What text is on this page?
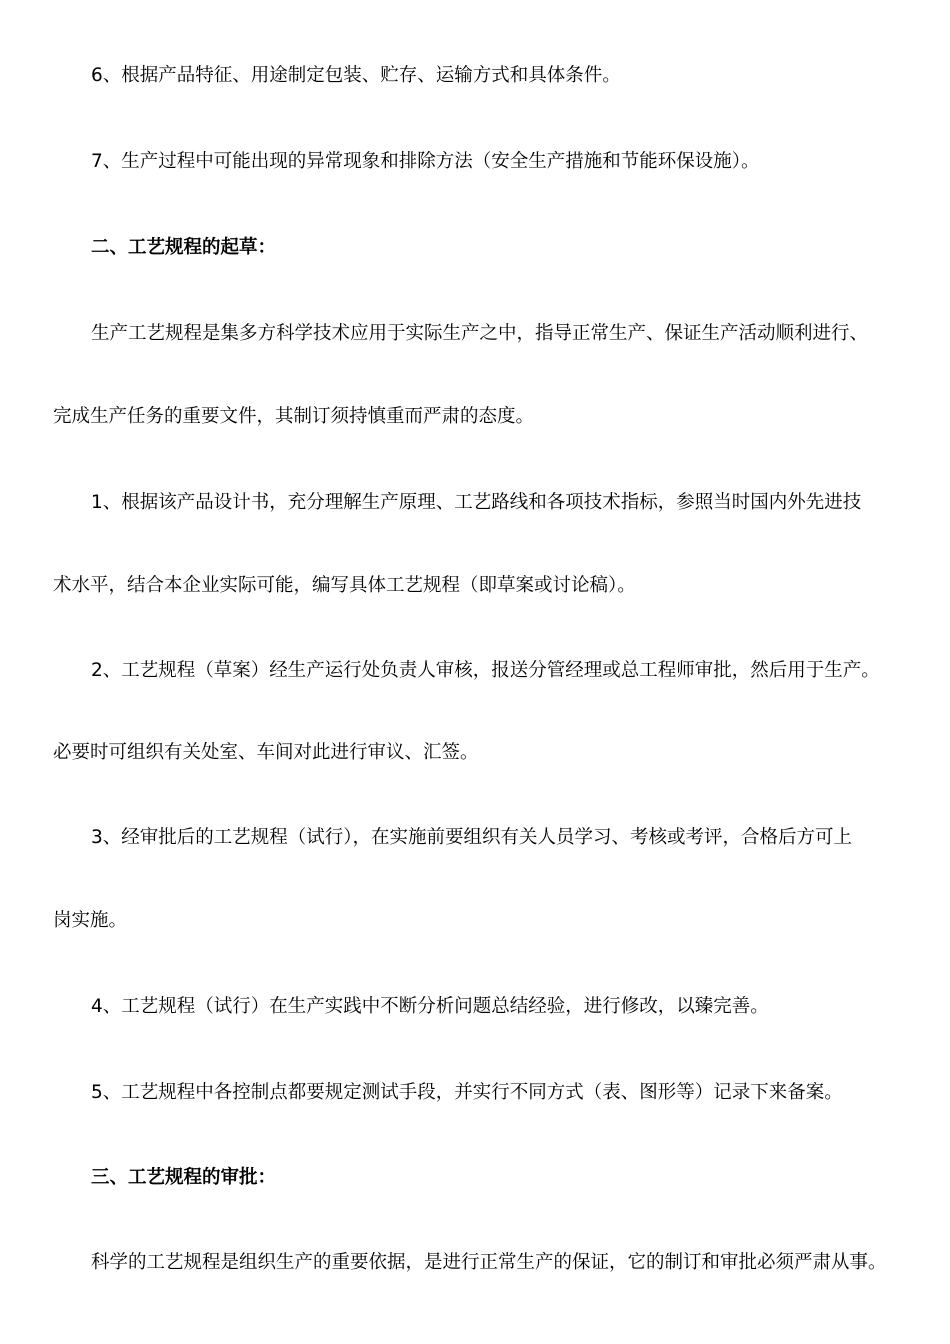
6、根据产品特征、用途制定包装、贮存、运输方式和具体条件。
7、生产过程中可能出现的异常现象和排除方法（安全生产措施和节能环保设施）。
二、工艺规程的起草：
生产工艺规程是集多方科学技术应用于实际生产之中，指导正常生产、保证生产活动顺利进行、
完成生产任务的重要文件，其制订须持慎重而严肃的态度。
1、根据该产品设计书，充分理解生产原理、工艺路线和各项技术指标，参照当时国内外先进技
术水平，结合本企业实际可能，编写具体工艺规程（即草案或讨论稿）。
2、工艺规程（草案）经生产运行处负责人审核，报送分管经理或总工程师审批，然后用于生产。
必要时可组织有关处室、车间对此进行审议、汇签。
3、经审批后的工艺规程（试行），在实施前要组织有关人员学习、考核或考评，合格后方可上
岗实施。
4、工艺规程（试行）在生产实践中不断分析问题总结经验，进行修改，以臻完善。
5、工艺规程中各控制点都要规定测试手段，并实行不同方式（表、图形等）记录下来备案。
三、工艺规程的审批：
科学的工艺规程是组织生产的重要依据，是进行正常生产的保证，它的制订和审批必须严肃从事。
